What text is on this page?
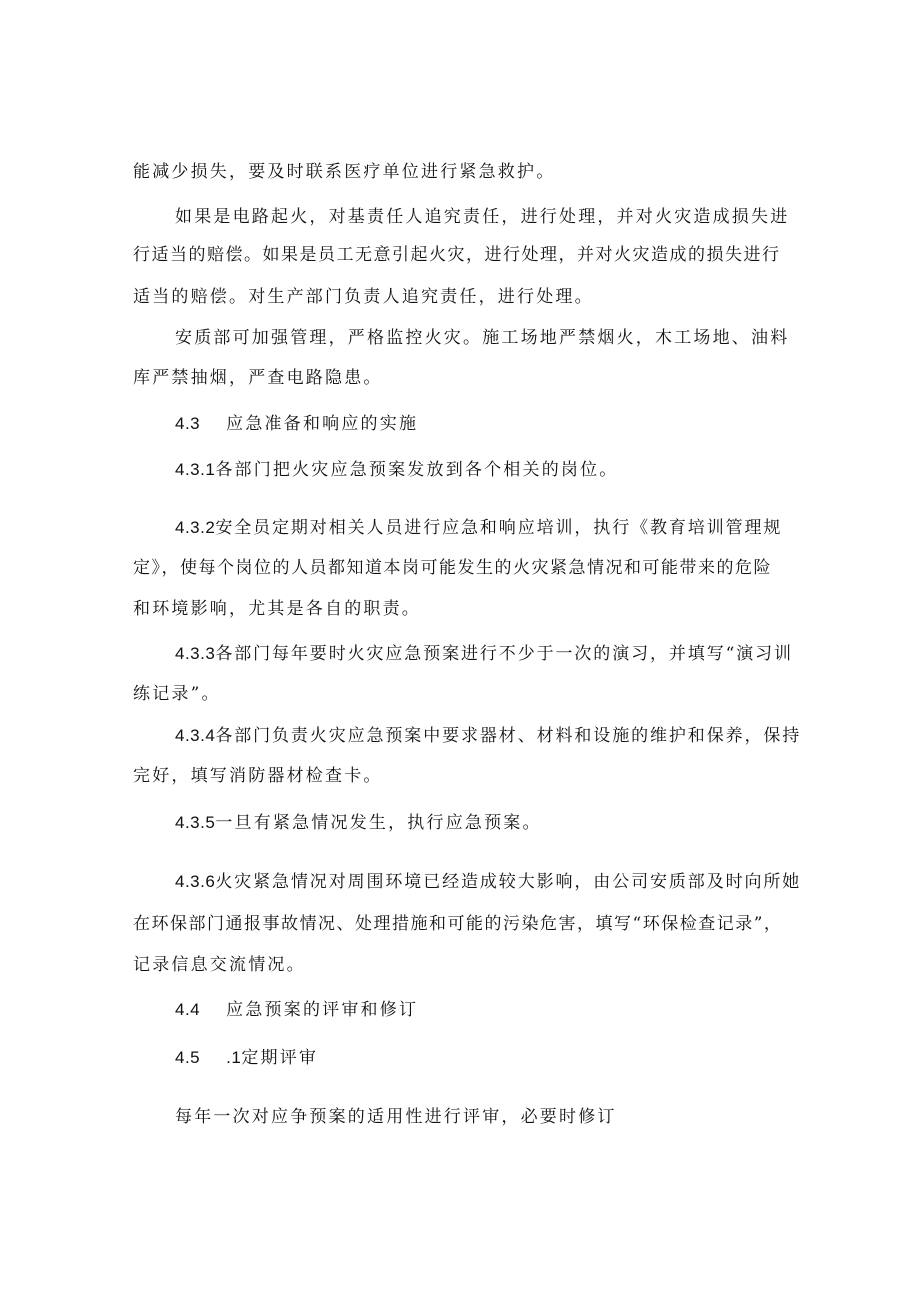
能减少损失，要及时联系医疗单位进行紧急救护。
如果是电路起火，对基责任人追究责任，进行处理，并对火灾造成损失进
行适当的赔偿。如果是员工无意引起火灾，进行处理，并对火灾造成的损失进行
适当的赔偿。对生产部门负责人追究责任，进行处理。
安质部可加强管理，严格监控火灾。施工场地严禁烟火，木工场地、油料
库严禁抽烟，严查电路隐患。
4.3 应急准备和响应的实施
4.3.1各部门把火灾应急预案发放到各个相关的岗位。
4.3.2安全员定期对相关人员进行应急和响应培训，执行《教育培训管理规
定》，使每个岗位的人员都知道本岗可能发生的火灾紧急情况和可能带来的危险
和环境影响，尤其是各自的职责。
4.3.3各部门每年要时火灾应急预案进行不少于一次的演习，并填写“演习训
练记录”。
4.3.4各部门负责火灾应急预案中要求器材、材料和设施的维护和保养，保持
完好，填写消防器材检查卡。
4.3.5一旦有紧急情况发生，执行应急预案。
4.3.6火灾紧急情况对周围环境已经造成较大影响，由公司安质部及时向所她
在环保部门通报事故情况、处理措施和可能的污染危害，填写“环保检查记录”，
记录信息交流情况。
4.4 应急预案的评审和修订
4.5 .1定期评审
每年一次对应争预案的适用性进行评审，必要时修订
